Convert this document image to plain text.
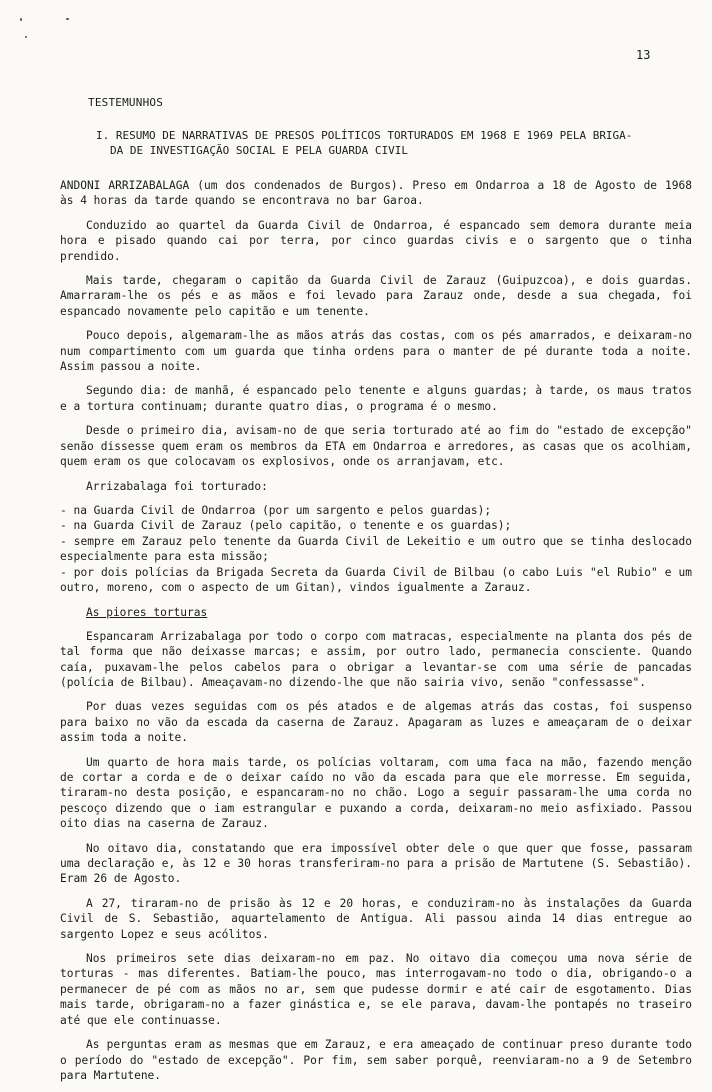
13
TESTEMUNHOS
I. RESUMO DE NARRATIVAS DE PRESOS POLÍTICOS TORTURADOS EM 1968 E 1969 PELA BRIGA-
DA DE INVESTIGAÇÃO SOCIAL E PELA GUARDA CIVIL

ANDONI ARRIZABALAGA (um dos condenados de Burgos). Preso em Ondarroa a 18 de Agosto de 1968 às 4 horas da tarde quando se encontrava no bar Garoa.

Conduzido ao quartel da Guarda Civil de Ondarroa, é espancado sem demora durante meia hora e pisado quando cai por terra, por cinco guardas civis e o sargento que o tinha prendido.

Mais tarde, chegaram o capitão da Guarda Civil de Zarauz (Guipuzcoa), e dois guardas. Amarraram-lhe os pés e as mãos e foi levado para Zarauz onde, desde a sua chegada, foi espancado novamente pelo capitão e um tenente.

Pouco depois, algemaram-lhe as mãos atrás das costas, com os pés amarrados, e deixaram-no num compartimento com um guarda que tinha ordens para o manter de pé durante toda a noite. Assim passou a noite.

Segundo dia: de manhã, é espancado pelo tenente e alguns guardas; à tarde, os maus tratos e a tortura continuam; durante quatro dias, o programa é o mesmo.

Desde o primeiro dia, avisam-no de que seria torturado até ao fim do "estado de excepção" senão dissesse quem eram os membros da ETA em Ondarroa e arredores, as casas que os acolhiam, quem eram os que colocavam os explosivos, onde os arranjavam, etc.

Arrizabalaga foi torturado:

- na Guarda Civil de Ondarroa (por um sargento e pelos guardas);
- na Guarda Civil de Zarauz (pelo capitão, o tenente e os guardas);
- sempre em Zarauz pelo tenente da Guarda Civil de Lekeitio e um outro que se tinha deslocado especialmente para esta missão;
- por dois polícias da Brigada Secreta da Guarda Civil de Bilbau (o cabo Luis "el Rubio" e um outro, moreno, com o aspecto de um Gitan), vindos igualmente a Zarauz.

As piores torturas

Espancaram Arrizabalaga por todo o corpo com matracas, especialmente na planta dos pés de tal forma que não deixasse marcas; e assim, por outro lado, permanecia consciente. Quando caía, puxavam-lhe pelos cabelos para o obrigar a levantar-se com uma série de pancadas (polícia de Bilbau). Ameaçavam-no dizendo-lhe que não sairia vivo, senão "confessasse".

Por duas vezes seguidas com os pés atados e de algemas atrás das costas, foi suspenso para baixo no vão da escada da caserna de Zarauz. Apagaram as luzes e ameaçaram de o deixar assim toda a noite.

Um quarto de hora mais tarde, os polícias voltaram, com uma faca na mão, fazendo menção de cortar a corda e de o deixar caído no vão da escada para que ele morresse. Em seguida, tiraram-no desta posição, e espancaram-no no chão. Logo a seguir passaram-lhe uma corda no pescoço dizendo que o iam estrangular e puxando a corda, deixaram-no meio asfixiado. Passou oito dias na caserna de Zarauz.

No oitavo dia, constatando que era impossível obter dele o que quer que fosse, passaram uma declaração e, às 12 e 30 horas transferiram-no para a prisão de Martutene (S. Sebastião). Eram 26 de Agosto.

A 27, tiraram-no de prisão às 12 e 20 horas, e conduziram-no às instalações da Guarda Civil de S. Sebastião, aquartelamento de Antigua. Ali passou ainda 14 dias entregue ao sargento Lopez e seus acólitos.

Nos primeiros sete dias deixaram-no em paz. No oitavo dia começou uma nova série de torturas - mas diferentes. Batiam-lhe pouco, mas interrogavam-no todo o dia, obrigando-o a permanecer de pé com as mãos no ar, sem que pudesse dormir e até cair de esgotamento. Dias mais tarde, obrigaram-no a fazer ginástica e, se ele parava, davam-lhe pontapés no traseiro até que ele continuasse.

As perguntas eram as mesmas que em Zarauz, e era ameaçado de continuar preso durante todo o período do "estado de excepção". Por fim, sem saber porquê, reenviaram-no a 9 de Setembro para Martutene.
